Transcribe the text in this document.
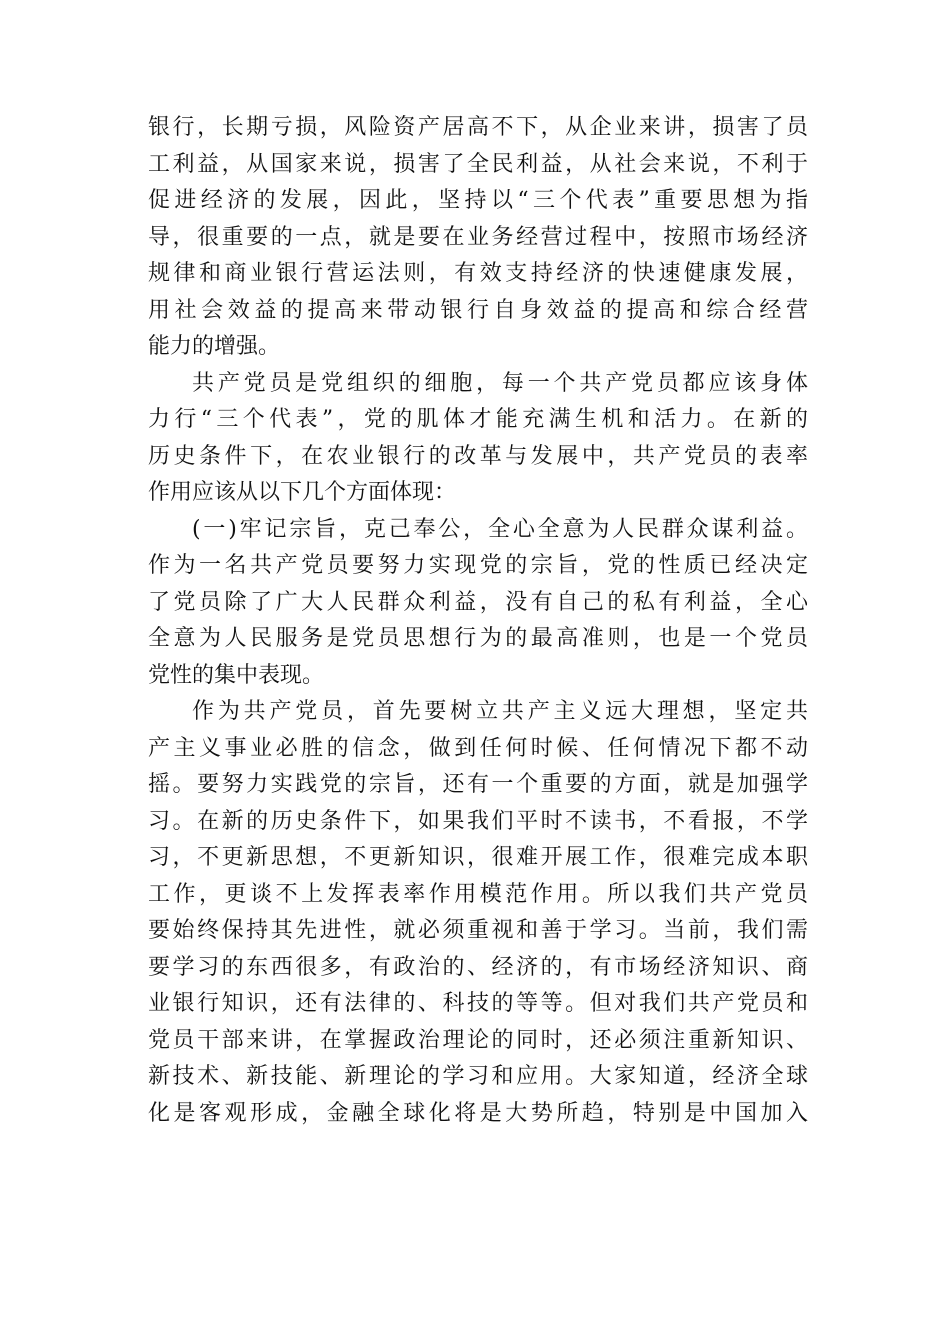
银行，长期亏损，风险资产居高不下，从企业来讲，损害了员
工利益，从国家来说，损害了全民利益，从社会来说，不利于
促进经济的发展，因此，坚持以“三个代表”重要思想为指
导，很重要的一点，就是要在业务经营过程中，按照市场经济
规律和商业银行营运法则，有效支持经济的快速健康发展，
用社会效益的提高来带动银行自身效益的提高和综合经营
能力的增强。
共产党员是党组织的细胞，每一个共产党员都应该身体
力行“三个代表”，党的肌体才能充满生机和活力。在新的
历史条件下，在农业银行的改革与发展中，共产党员的表率
作用应该从以下几个方面体现：
(一)牢记宗旨，克己奉公，全心全意为人民群众谋利益。
作为一名共产党员要努力实现党的宗旨，党的性质已经决定
了党员除了广大人民群众利益，没有自己的私有利益，全心
全意为人民服务是党员思想行为的最高准则，也是一个党员
党性的集中表现。
作为共产党员，首先要树立共产主义远大理想，坚定共
产主义事业必胜的信念，做到任何时候、任何情况下都不动
摇。要努力实践党的宗旨，还有一个重要的方面，就是加强学
习。在新的历史条件下，如果我们平时不读书，不看报，不学
习，不更新思想，不更新知识，很难开展工作，很难完成本职
工作，更谈不上发挥表率作用模范作用。所以我们共产党员
要始终保持其先进性，就必须重视和善于学习。当前，我们需
要学习的东西很多，有政治的、经济的，有市场经济知识、商
业银行知识，还有法律的、科技的等等。但对我们共产党员和
党员干部来讲，在掌握政治理论的同时，还必须注重新知识、
新技术、新技能、新理论的学习和应用。大家知道，经济全球
化是客观形成，金融全球化将是大势所趋，特别是中国加入
